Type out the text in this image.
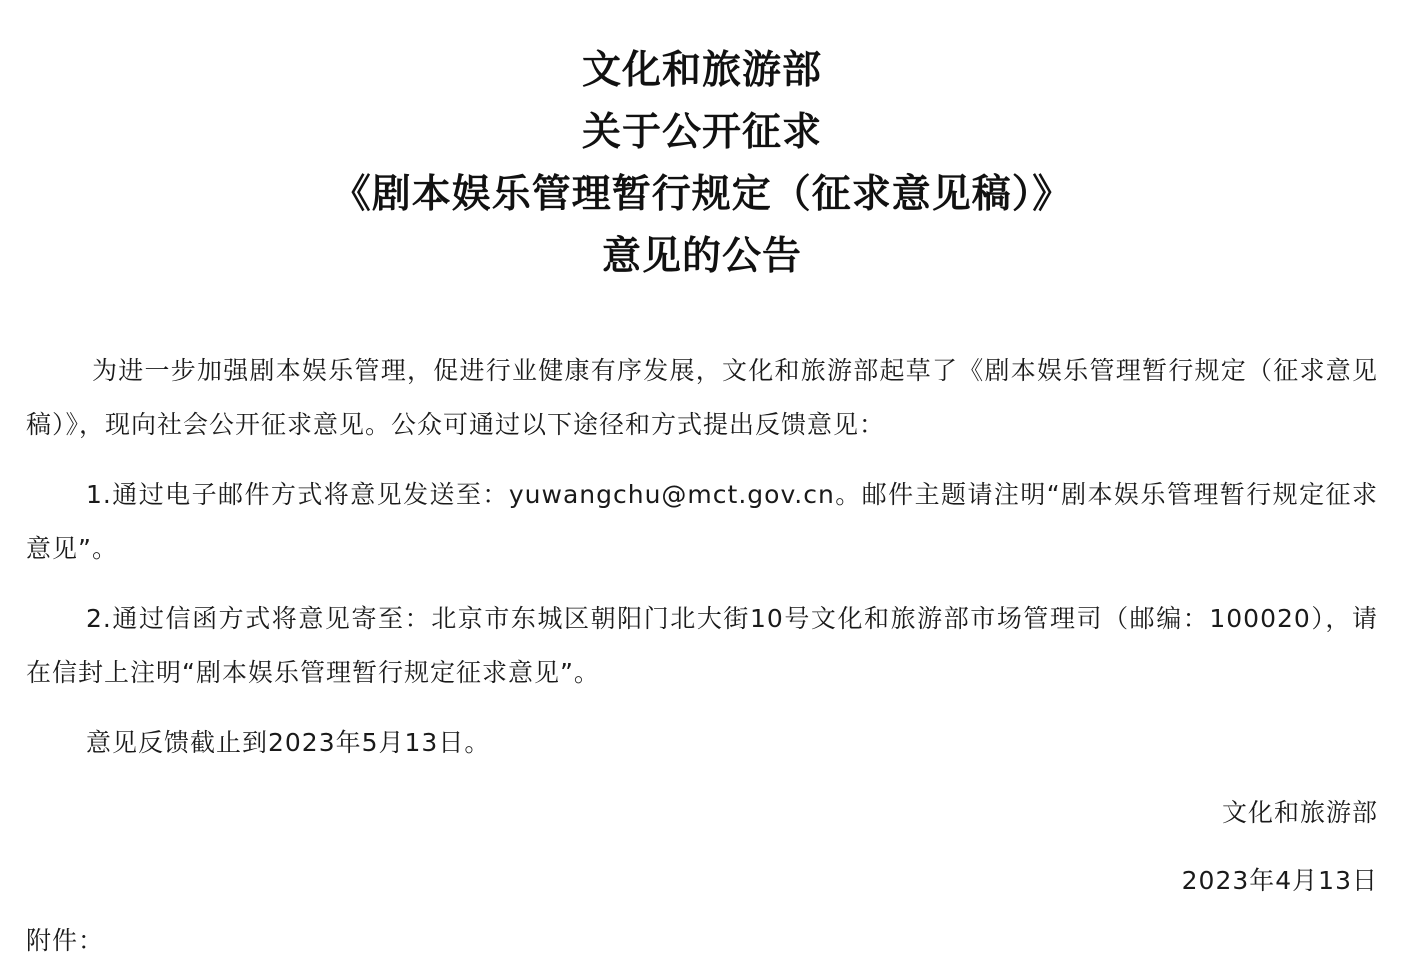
文化和旅游部
关于公开征求
《剧本娱乐管理暂行规定（征求意见稿）》
意见的公告

为进一步加强剧本娱乐管理，促进行业健康有序发展，文化和旅游部起草了《剧本娱乐管理暂行规定（征求意见稿）》，现向社会公开征求意见。公众可通过以下途径和方式提出反馈意见：

1.通过电子邮件方式将意见发送至：yuwangchu@mct.gov.cn。邮件主题请注明“剧本娱乐管理暂行规定征求意见”。

2.通过信函方式将意见寄至：北京市东城区朝阳门北大街10号文化和旅游部市场管理司（邮编：100020），请在信封上注明“剧本娱乐管理暂行规定征求意见”。

意见反馈截止到2023年5月13日。

文化和旅游部
2023年4月13日
附件：
